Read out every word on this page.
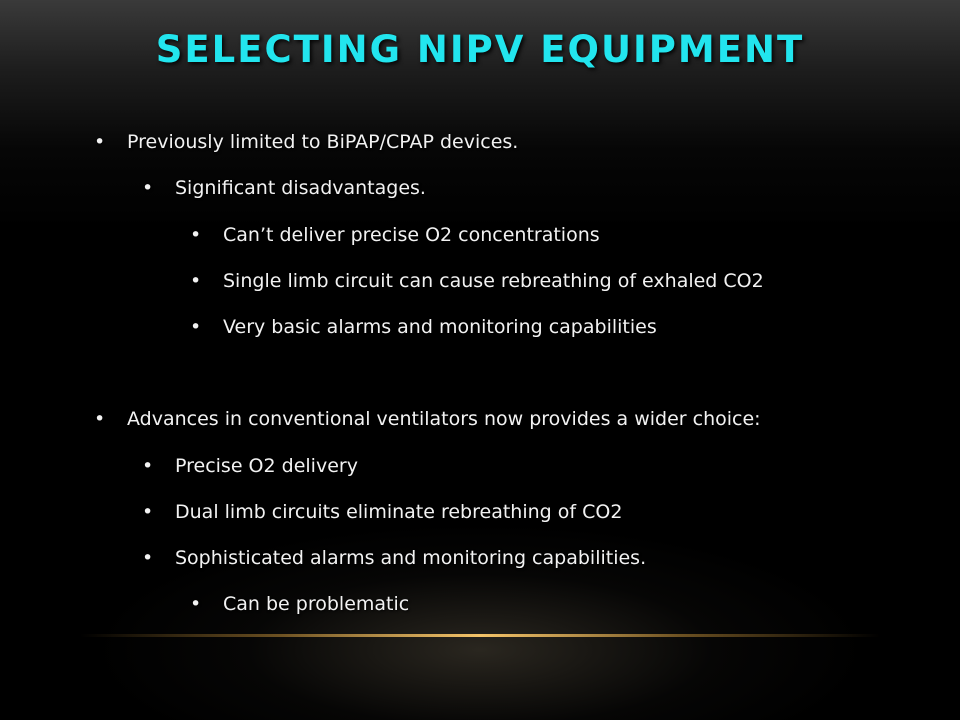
SELECTING NIPV EQUIPMENT
• Previously limited to BiPAP/CPAP devices.
• Significant disadvantages.
• Can’t deliver precise O2 concentrations
• Single limb circuit can cause rebreathing of exhaled CO2
• Very basic alarms and monitoring capabilities
• Advances in conventional ventilators now provides a wider choice:
• Precise O2 delivery
• Dual limb circuits eliminate rebreathing of CO2
• Sophisticated alarms and monitoring capabilities.
• Can be problematic
